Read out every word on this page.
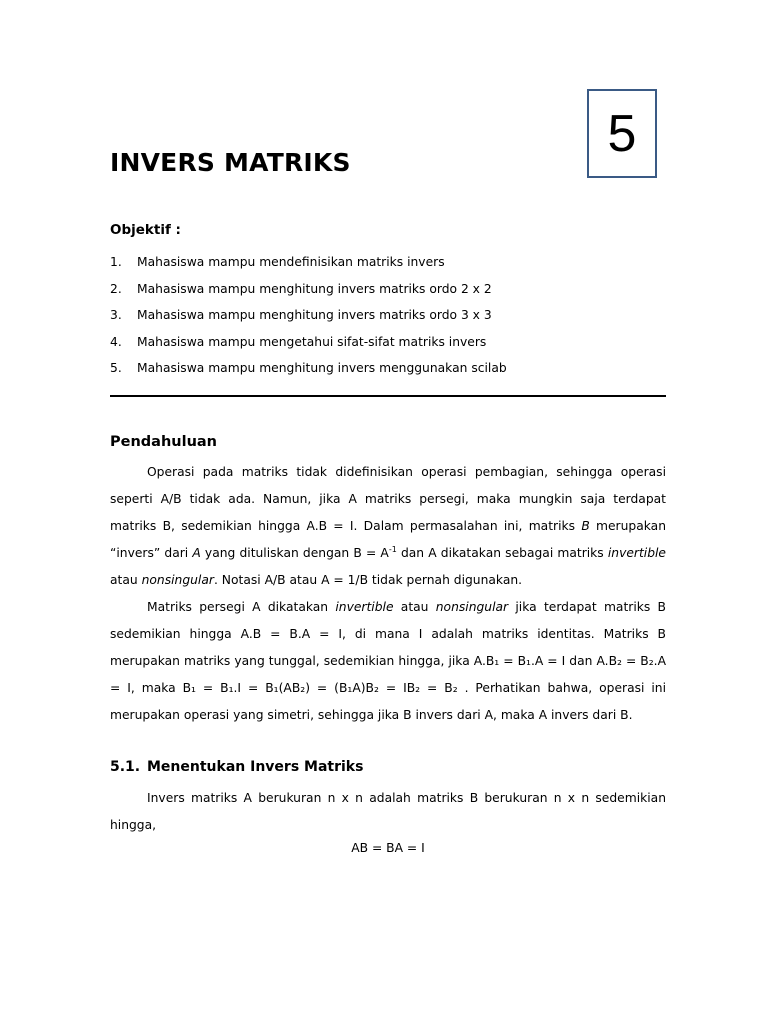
5
INVERS MATRIKS
Objektif :
1.	Mahasiswa mampu mendefinisikan matriks invers
2.	Mahasiswa mampu menghitung invers matriks ordo 2 x 2
3.	Mahasiswa mampu menghitung invers matriks ordo 3 x 3
4.	Mahasiswa mampu mengetahui sifat-sifat matriks invers
5.	Mahasiswa mampu menghitung invers menggunakan scilab
Pendahuluan

Operasi pada matriks tidak didefinisikan operasi pembagian, sehingga operasi seperti A/B tidak ada. Namun, jika A matriks persegi, maka mungkin saja terdapat matriks B, sedemikian hingga A.B = I. Dalam permasalahan ini, matriks B merupakan “invers” dari A yang dituliskan dengan $B = A^{-1}$ dan A dikatakan sebagai matriks invertible atau nonsingular. Notasi A/B atau A = 1/B tidak pernah digunakan.

Matriks persegi A dikatakan invertible atau nonsingular jika terdapat matriks B sedemikian hingga A.B = B.A = I, di mana I adalah matriks identitas. Matriks B merupakan matriks yang tunggal, sedemikian hingga, jika A.B₁ = B₁.A = I dan A.B₂ = B₂.A = I, maka B₁ = B₁.I = B₁(AB₂) = (B₁A)B₂ = IB₂ = B₂ . Perhatikan bahwa, operasi ini merupakan operasi yang simetri, sehingga jika B invers dari A, maka A invers dari B.

5.1. Menentukan Invers Matriks

Invers matriks A berukuran n x n adalah matriks B berukuran n x n sedemikian hingga,

AB = BA = I
